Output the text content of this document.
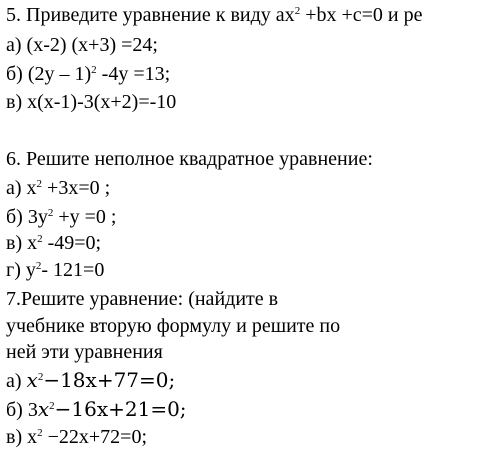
5. Приведите уравнение к виду $ax^2 +bx +c=0$ и ре
а) (х-2) (х+3) =24;
б) (2у – 1)$^2$ -4у =13;
в) х(х-1)-3(х+2)=-10
6. Решите неполное квадратное уравнение:
а) $х^2 +3х=0$ ;
б) $3у^2 +у =0$ ;
в) $х^2$ -49=0;
г) $у^2-$ 121=0
7.Решите уравнение: (найдите в
учебнике вторую формулу и решите по
ней эти уравнения
а) $x^2-18x+77=0$;
б) $3x^2-16x+21=0$;
в) $х^2 -22х+72=0$;
